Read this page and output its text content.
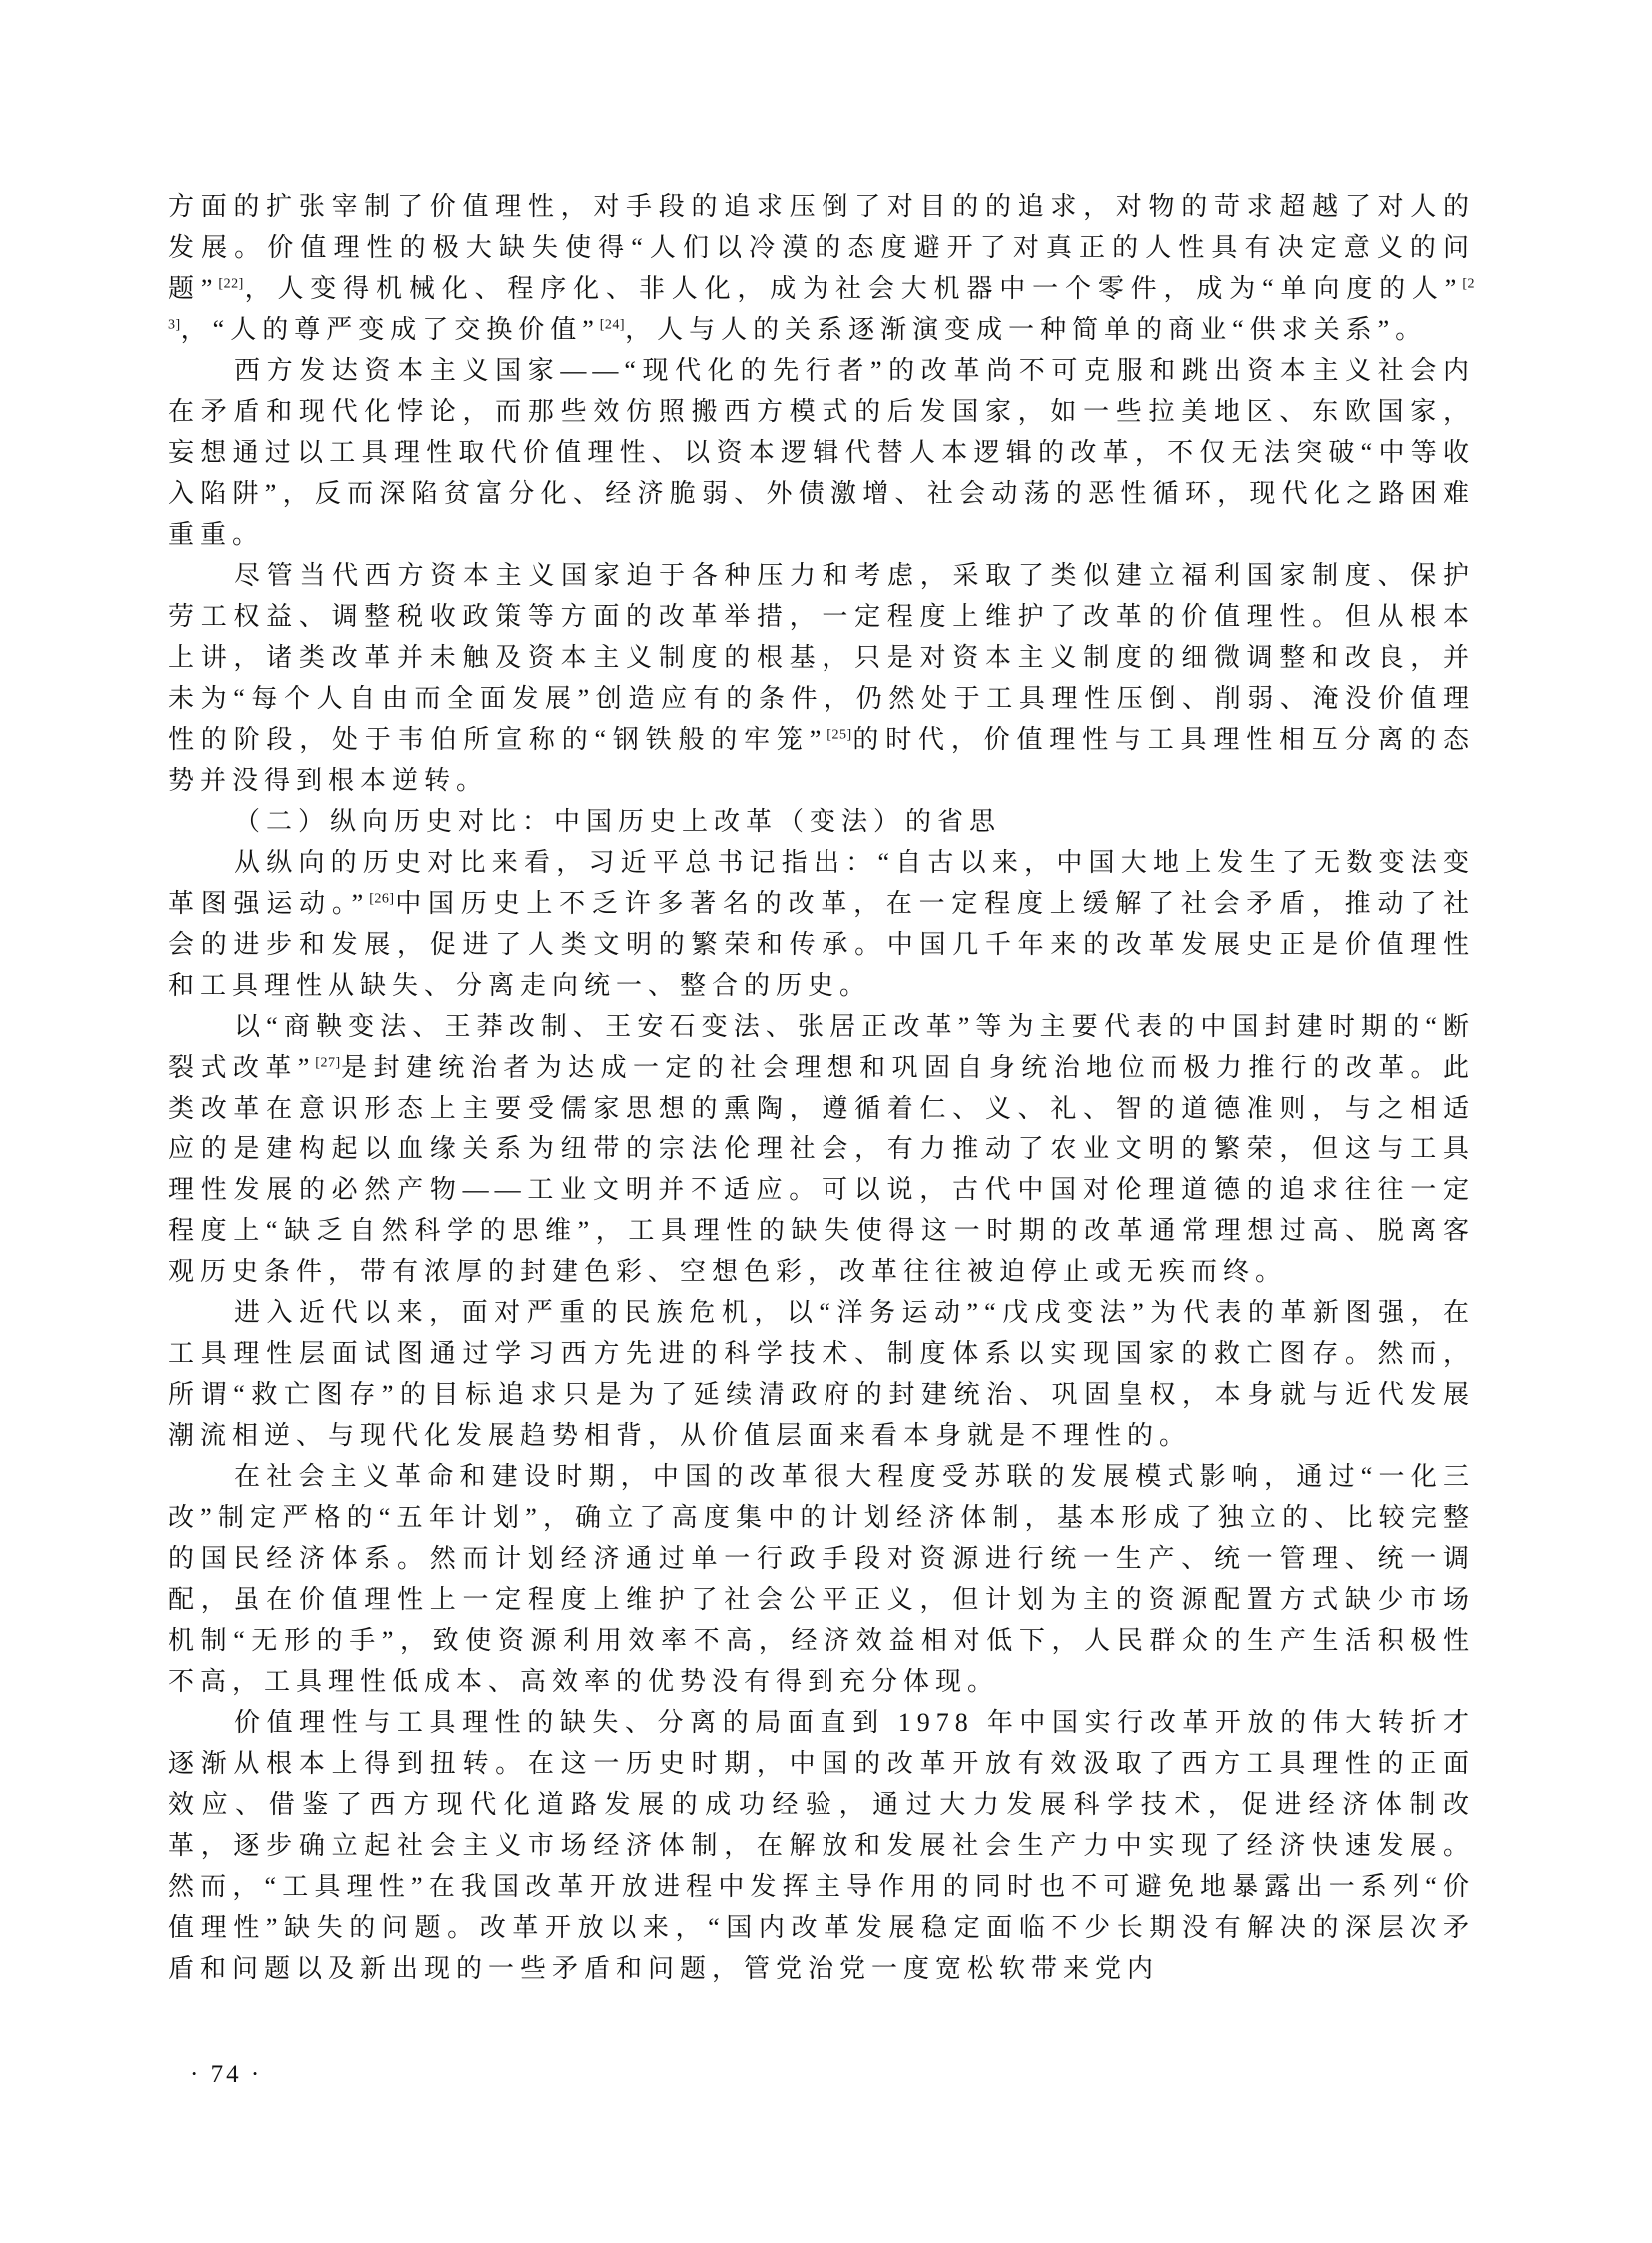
方面的扩张宰制了价值理性，对手段的追求压倒了对目的的追求，对物的苛求超越了对人的发展。价值理性的极大缺失使得“人们以冷漠的态度避开了对真正的人性具有决定意义的问题”[22]，人变得机械化、程序化、非人化，成为社会大机器中一个零件，成为“单向度的人”[23]，“人的尊严变成了交换价值”[24]，人与人的关系逐渐演变成一种简单的商业“供求关系”。

西方发达资本主义国家——“现代化的先行者”的改革尚不可克服和跳出资本主义社会内在矛盾和现代化悖论，而那些效仿照搬西方模式的后发国家，如一些拉美地区、东欧国家，妄想通过以工具理性取代价值理性、以资本逻辑代替人本逻辑的改革，不仅无法突破“中等收入陷阱”，反而深陷贫富分化、经济脆弱、外债激增、社会动荡的恶性循环，现代化之路困难重重。

尽管当代西方资本主义国家迫于各种压力和考虑，采取了类似建立福利国家制度、保护劳工权益、调整税收政策等方面的改革举措，一定程度上维护了改革的价值理性。但从根本上讲，诸类改革并未触及资本主义制度的根基，只是对资本主义制度的细微调整和改良，并未为“每个人自由而全面发展”创造应有的条件，仍然处于工具理性压倒、削弱、淹没价值理性的阶段，处于韦伯所宣称的“钢铁般的牢笼”[25]的时代，价值理性与工具理性相互分离的态势并没得到根本逆转。

（二）纵向历史对比：中国历史上改革（变法）的省思

从纵向的历史对比来看，习近平总书记指出：“自古以来，中国大地上发生了无数变法变革图强运动。”[26]中国历史上不乏许多著名的改革，在一定程度上缓解了社会矛盾，推动了社会的进步和发展，促进了人类文明的繁荣和传承。中国几千年来的改革发展史正是价值理性和工具理性从缺失、分离走向统一、整合的历史。

以“商鞅变法、王莽改制、王安石变法、张居正改革”等为主要代表的中国封建时期的“断裂式改革”[27]是封建统治者为达成一定的社会理想和巩固自身统治地位而极力推行的改革。此类改革在意识形态上主要受儒家思想的熏陶，遵循着仁、义、礼、智的道德准则，与之相适应的是建构起以血缘关系为纽带的宗法伦理社会，有力推动了农业文明的繁荣，但这与工具理性发展的必然产物——工业文明并不适应。可以说，古代中国对伦理道德的追求往往一定程度上“缺乏自然科学的思维”，工具理性的缺失使得这一时期的改革通常理想过高、脱离客观历史条件，带有浓厚的封建色彩、空想色彩，改革往往被迫停止或无疾而终。

进入近代以来，面对严重的民族危机，以“洋务运动”“戊戌变法”为代表的革新图强，在工具理性层面试图通过学习西方先进的科学技术、制度体系以实现国家的救亡图存。然而，所谓“救亡图存”的目标追求只是为了延续清政府的封建统治、巩固皇权，本身就与近代发展潮流相逆、与现代化发展趋势相背，从价值层面来看本身就是不理性的。

在社会主义革命和建设时期，中国的改革很大程度受苏联的发展模式影响，通过“一化三改”制定严格的“五年计划”，确立了高度集中的计划经济体制，基本形成了独立的、比较完整的国民经济体系。然而计划经济通过单一行政手段对资源进行统一生产、统一管理、统一调配，虽在价值理性上一定程度上维护了社会公平正义，但计划为主的资源配置方式缺少市场机制“无形的手”，致使资源利用效率不高，经济效益相对低下，人民群众的生产生活积极性不高，工具理性低成本、高效率的优势没有得到充分体现。

价值理性与工具理性的缺失、分离的局面直到 1978 年中国实行改革开放的伟大转折才逐渐从根本上得到扭转。在这一历史时期，中国的改革开放有效汲取了西方工具理性的正面效应、借鉴了西方现代化道路发展的成功经验，通过大力发展科学技术，促进经济体制改革，逐步确立起社会主义市场经济体制，在解放和发展社会生产力中实现了经济快速发展。然而，“工具理性”在我国改革开放进程中发挥主导作用的同时也不可避免地暴露出一系列“价值理性”缺失的问题。改革开放以来，“国内改革发展稳定面临不少长期没有解决的深层次矛盾和问题以及新出现的一些矛盾和问题，管党治党一度宽松软带来党内

· 74 ·
